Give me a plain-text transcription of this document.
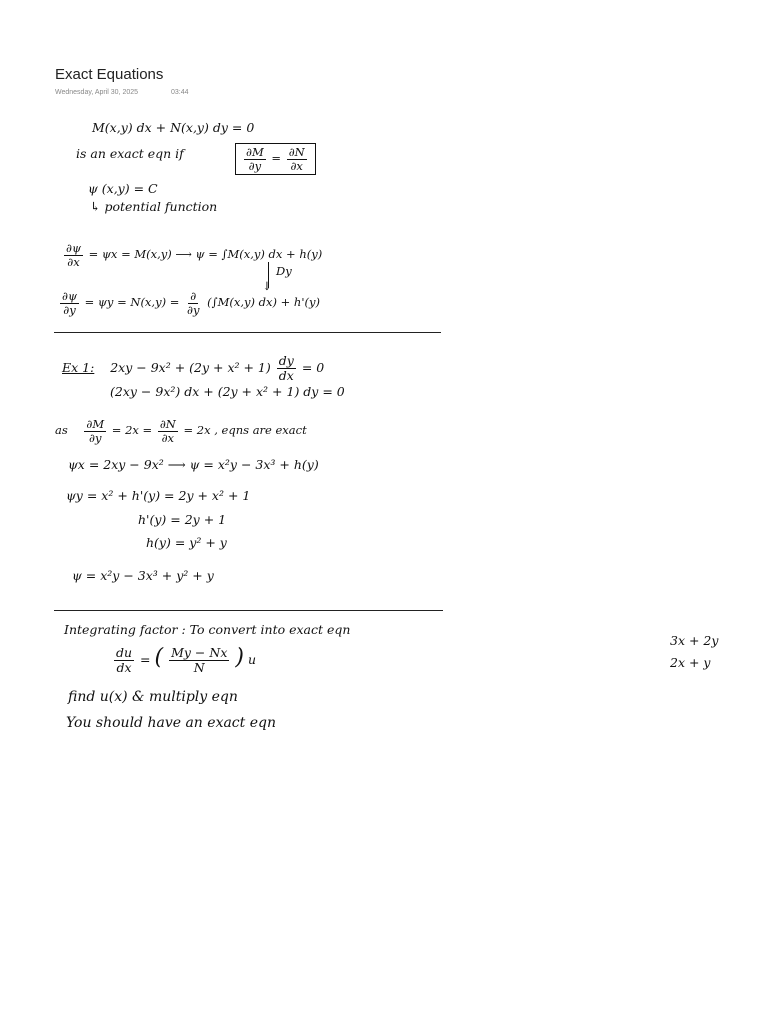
Exact Equations
Wednesday, April 30, 2025	03:44
M(x,y) dx + N(x,y) dy = 0
is an exact eqn if	$\frac{\partial M}{\partial y} = \frac{\partial N}{\partial x}$
ψ (x,y) = C
↳ potential function
$\frac{\partial\psi}{\partial x} = \psi x = M(x,y)$ ⟶ ψ = ∫M(x,y) dx + h(y)
↓
Dy
$\frac{\partial\psi}{\partial y} = \psi y = N(x,y) = \frac{\partial}{\partial y} (\int M(x,y) dx) + h'(y)$
Ex 1: $2xy - 9x^2 + (2y + x^2 + 1) \frac{dy}{dx} = 0$
(2xy − 9x²) dx + (2y + x² + 1) dy = 0
as $\frac{\partial M}{\partial y} = 2x = \frac{\partial N}{\partial x} = 2x$ , eqns are exact
ψx = 2xy − 9x² ⟶ ψ = x²y − 3x³ + h(y)
ψy = x² + h'(y) = 2y + x² + 1
h'(y) = 2y + 1
h(y) = y² + y
ψ = x²y − 3x³ + y² + y
Integrating factor : To convert into exact eqn
$\frac{du}{dx}$ = ( $\frac{My - Nx}{N}$ ) u
find u(x) & multiply eqn
You should have an exact eqn
3x + 2y
2x + y
